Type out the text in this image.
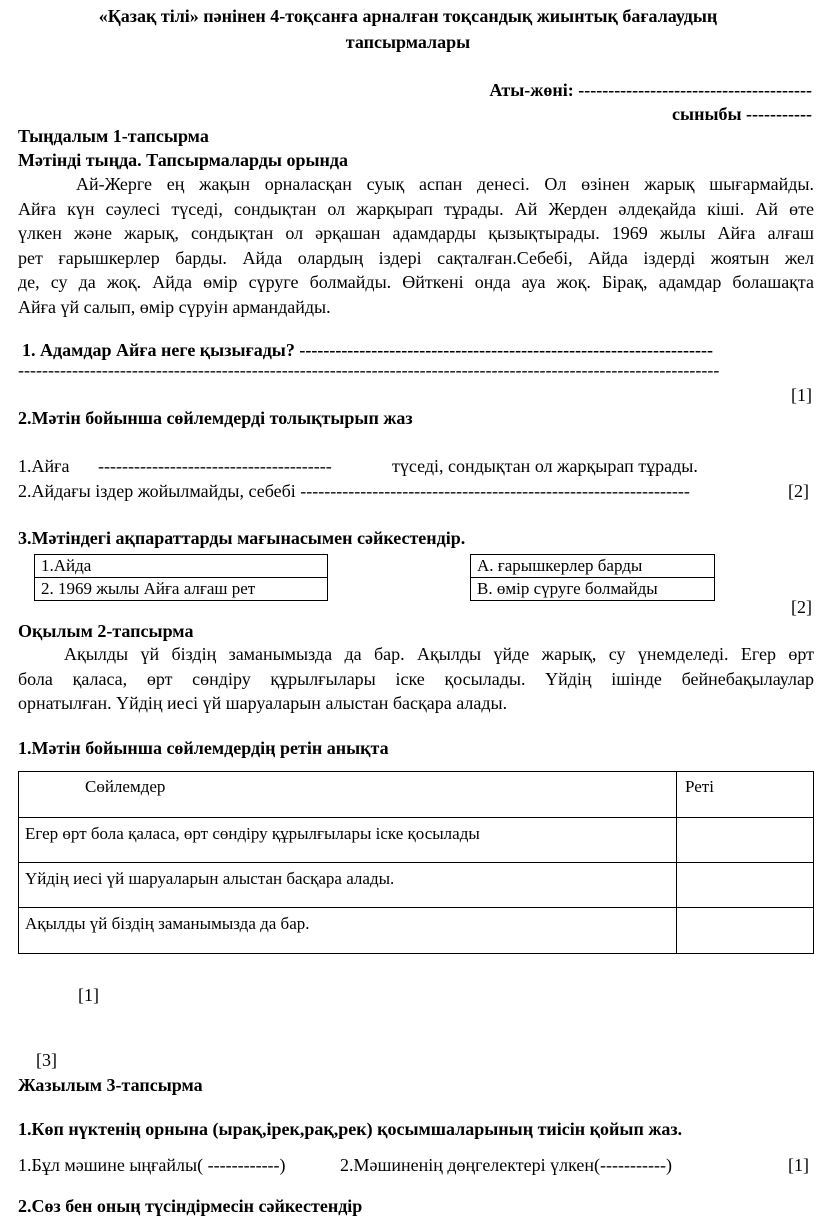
«Қазақ тілі» пәнінен 4-тоқсанға арналған тоқсандық жиынтық бағалаудың
тапсырмалары
Аты-жөні: ---------------------------------------
сыныбы -----------
Тыңдалым 1-тапсырма
Мәтінді тыңда. Тапсырмаларды орында
Ай-Жерге ең жақын орналасқан суық аспан денесі. Ол өзінен жарық шығармайды.
Айға күн сәулесі түседі, сондықтан ол жарқырап тұрады. Ай Жерден әлдеқайда кіші. Ай өте
үлкен және жарық, сондықтан ол әрқашан адамдарды қызықтырады. 1969 жылы Айға алғаш
рет ғарышкерлер барды. Айда олардың іздері сақталған.Себебі, Айда іздерді жоятын жел
де, су да жоқ. Айда өмір сүруге болмайды. Өйткені онда ауа жоқ. Бірақ, адамдар болашақта
Айға үй салып, өмір сүруін армандайды.
1. Адамдар Айға неге қызығады? ---------------------------------------------------------------------
---------------------------------------------------------------------------------------------------------------------
[1]
2.Мәтін бойынша сөйлемдерді толықтырып жаз
1.Айға ---------------------------------------	түседі, сондықтан ол жарқырап тұрады.
2.Айдағы іздер жойылмайды, себебі -----------------------------------------------------------------	[2]
3.Мәтіндегі ақпараттарды мағынасымен сәйкестендір.
1.Айда		А. ғарышкерлер барды
2. 1969 жылы Айға алғаш рет		В. өмір сүруге болмайды
[2]
Оқылым 2-тапсырма
Ақылды үй біздің заманымызда да бар. Ақылды үйде жарық, су үнемделеді. Егер өрт
бола қаласа, өрт сөндіру құрылғылары іске қосылады. Үйдің ішінде бейнебақылаулар
орнатылған. Үйдің иесі үй шаруаларын алыстан басқара алады.
1.Мәтін бойынша сөйлемдердің ретін анықта
Сөйлемдер	Реті
Егер өрт бола қаласа, өрт сөндіру құрылғылары іске қосылады	
Үйдің иесі үй шаруаларын алыстан басқара алады.	
Ақылды үй біздің заманымызда да бар.	
[1]
[3]
Жазылым 3-тапсырма
1.Көп нүктенің орнына (ырақ,ірек,рақ,рек) қосымшаларының тиісін қойып жаз.
1.Бұл мәшине ыңғайлы( ------------)	2.Мәшиненің дөңгелектері үлкен(-----------)	[1]
2.Сөз бен оның түсіндірмесін сәйкестендір
